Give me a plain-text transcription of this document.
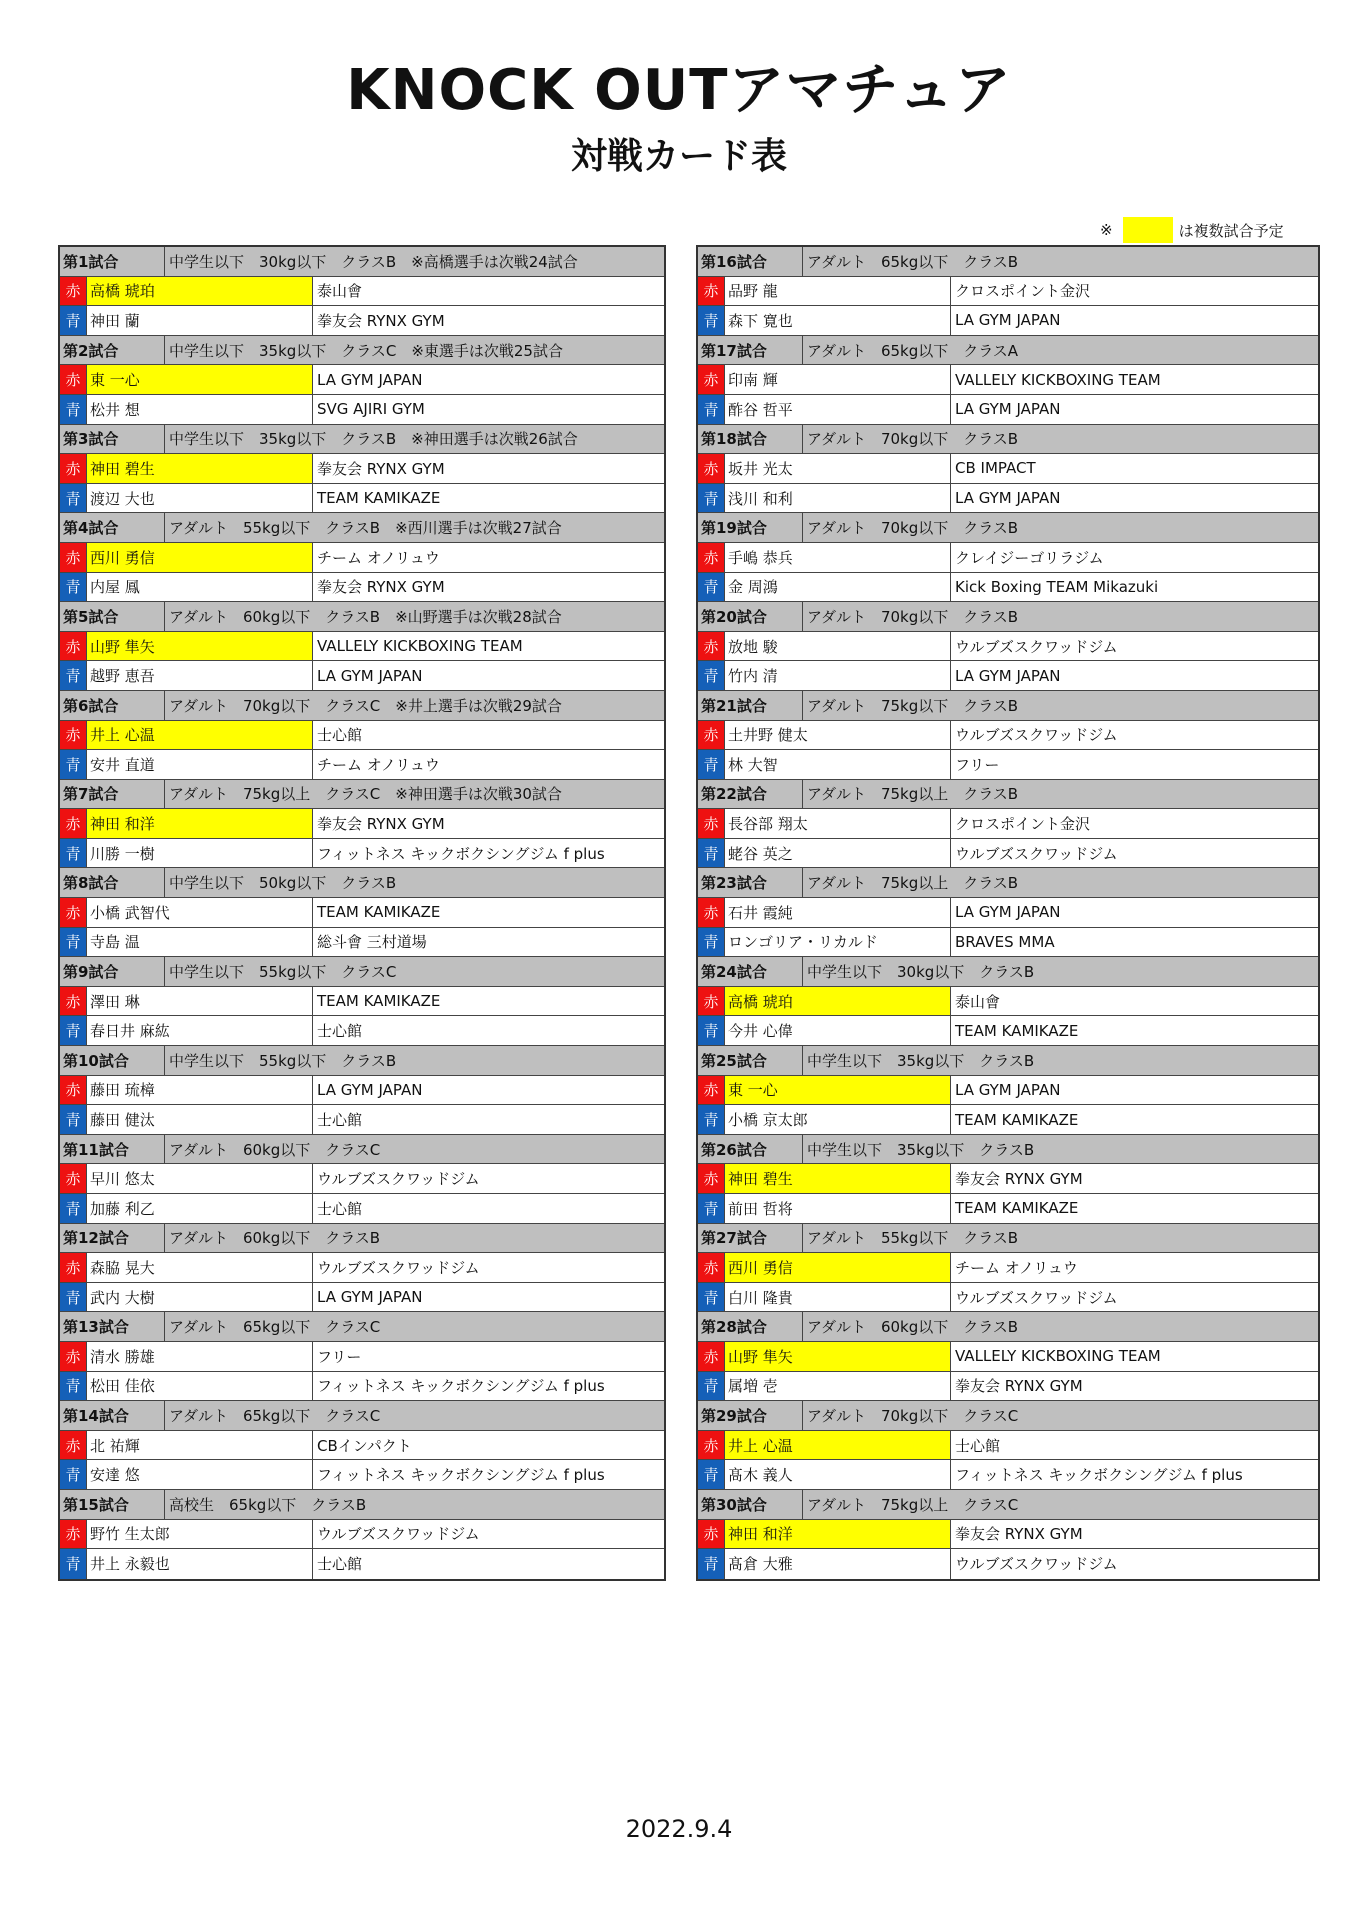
KNOCK OUTアマチュア
対戦カード表
※	は複数試合予定
第1試合	中学生以下　30kg以下　クラスB　※高橋選手は次戦24試合
赤 高橋 琥珀	泰山會
青 神田 蘭	拳友会 RYNX GYM
第2試合	中学生以下　35kg以下　クラスC　※東選手は次戦25試合
赤 東 一心	LA GYM JAPAN
青 松井 想	SVG AJIRI GYM
第3試合	中学生以下　35kg以下　クラスB　※神田選手は次戦26試合
赤 神田 碧生	拳友会 RYNX GYM
青 渡辺 大也	TEAM KAMIKAZE
第4試合	アダルト　55kg以下　クラスB　※西川選手は次戦27試合
赤 西川 勇信	チーム オノリュウ
青 内屋 鳳	拳友会 RYNX GYM
第5試合	アダルト　60kg以下　クラスB　※山野選手は次戦28試合
赤 山野 隼矢	VALLELY KICKBOXING TEAM
青 越野 恵吾	LA GYM JAPAN
第6試合	アダルト　70kg以下　クラスC　※井上選手は次戦29試合
赤 井上 心温	士心館
青 安井 直道	チーム オノリュウ
第7試合	アダルト　75kg以上　クラスC　※神田選手は次戦30試合
赤 神田 和洋	拳友会 RYNX GYM
青 川勝 一樹	フィットネス キックボクシングジム f plus
第8試合	中学生以下　50kg以下　クラスB
赤 小橋 武智代	TEAM KAMIKAZE
青 寺島 温	総斗會 三村道場
第9試合	中学生以下　55kg以下　クラスC
赤 澤田 琳	TEAM KAMIKAZE
青 春日井 麻紘	士心館
第10試合	中学生以下　55kg以下　クラスB
赤 藤田 琉樟	LA GYM JAPAN
青 藤田 健汰	士心館
第11試合	アダルト　60kg以下　クラスC
赤 早川 悠太	ウルブズスクワッドジム
青 加藤 利乙	士心館
第12試合	アダルト　60kg以下　クラスB
赤 森脇 晃大	ウルブズスクワッドジム
青 武内 大樹	LA GYM JAPAN
第13試合	アダルト　65kg以下　クラスC
赤 清水 勝雄	フリー
青 松田 佳依	フィットネス キックボクシングジム f plus
第14試合	アダルト　65kg以下　クラスC
赤 北 祐輝	CBインパクト
青 安達 悠	フィットネス キックボクシングジム f plus
第15試合	高校生　65kg以下　クラスB
赤 野竹 生太郎	ウルブズスクワッドジム
青 井上 永毅也	士心館
第16試合	アダルト　65kg以下　クラスB
赤 品野 龍	クロスポイント金沢
青 森下 寛也	LA GYM JAPAN
第17試合	アダルト　65kg以下　クラスA
赤 印南 輝	VALLELY KICKBOXING TEAM
青 酢谷 哲平	LA GYM JAPAN
第18試合	アダルト　70kg以下　クラスB
赤 坂井 光太	CB IMPACT
青 浅川 和利	LA GYM JAPAN
第19試合	アダルト　70kg以下　クラスB
赤 手嶋 恭兵	クレイジーゴリラジム
青 金 周鴻	Kick Boxing TEAM Mikazuki
第20試合	アダルト　70kg以下　クラスB
赤 放地 駿	ウルブズスクワッドジム
青 竹内 清	LA GYM JAPAN
第21試合	アダルト　75kg以下　クラスB
赤 土井野 健太	ウルブズスクワッドジム
青 林 大智	フリー
第22試合	アダルト　75kg以上　クラスB
赤 長谷部 翔太	クロスポイント金沢
青 蛯谷 英之	ウルブズスクワッドジム
第23試合	アダルト　75kg以上　クラスB
赤 石井 霞純	LA GYM JAPAN
青 ロンゴリア・リカルド	BRAVES MMA
第24試合	中学生以下　30kg以下　クラスB
赤 高橋 琥珀	泰山會
青 今井 心偉	TEAM KAMIKAZE
第25試合	中学生以下　35kg以下　クラスB
赤 東 一心	LA GYM JAPAN
青 小橋 京太郎	TEAM KAMIKAZE
第26試合	中学生以下　35kg以下　クラスB
赤 神田 碧生	拳友会 RYNX GYM
青 前田 哲将	TEAM KAMIKAZE
第27試合	アダルト　55kg以下　クラスB
赤 西川 勇信	チーム オノリュウ
青 白川 隆貴	ウルブズスクワッドジム
第28試合	アダルト　60kg以下　クラスB
赤 山野 隼矢	VALLELY KICKBOXING TEAM
青 属増 壱	拳友会 RYNX GYM
第29試合	アダルト　70kg以下　クラスC
赤 井上 心温	士心館
青 髙木 義人	フィットネス キックボクシングジム f plus
第30試合	アダルト　75kg以上　クラスC
赤 神田 和洋	拳友会 RYNX GYM
青 髙倉 大雅	ウルブズスクワッドジム
2022.9.4
